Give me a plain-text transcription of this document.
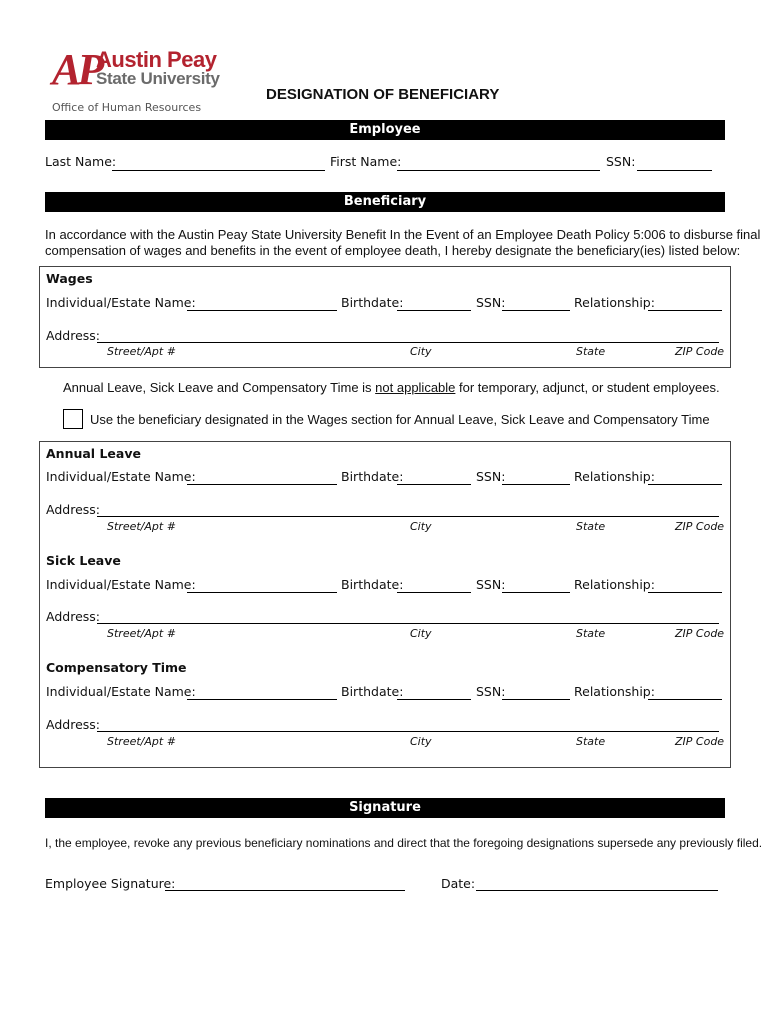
AP
Austin Peay
State University
Office of Human Resources
DESIGNATION OF BENEFICIARY
Employee
Last Name:	First Name:	SSN:
Beneficiary
In accordance with the Austin Peay State University Benefit In the Event of an Employee Death Policy 5:006 to disburse final
compensation of wages and benefits in the event of employee death, I hereby designate the beneficiary(ies) listed below:
Wages
Individual/Estate Name:	Birthdate:	SSN:	Relationship:
Address:
Street/Apt #	City	State	ZIP Code
Annual Leave, Sick Leave and Compensatory Time is not applicable for temporary, adjunct, or student employees.
Use the beneficiary designated in the Wages section for Annual Leave, Sick Leave and Compensatory Time
Annual Leave
Individual/Estate Name:	Birthdate:	SSN:	Relationship:
Address:
Street/Apt #	City	State	ZIP Code
Sick Leave
Individual/Estate Name:	Birthdate:	SSN:	Relationship:
Address:
Street/Apt #	City	State	ZIP Code
Compensatory Time
Individual/Estate Name:	Birthdate:	SSN:	Relationship:
Address:
Street/Apt #	City	State	ZIP Code
Signature
I, the employee, revoke any previous beneficiary nominations and direct that the foregoing designations supersede any previously filed.
Employee Signature:	Date:
